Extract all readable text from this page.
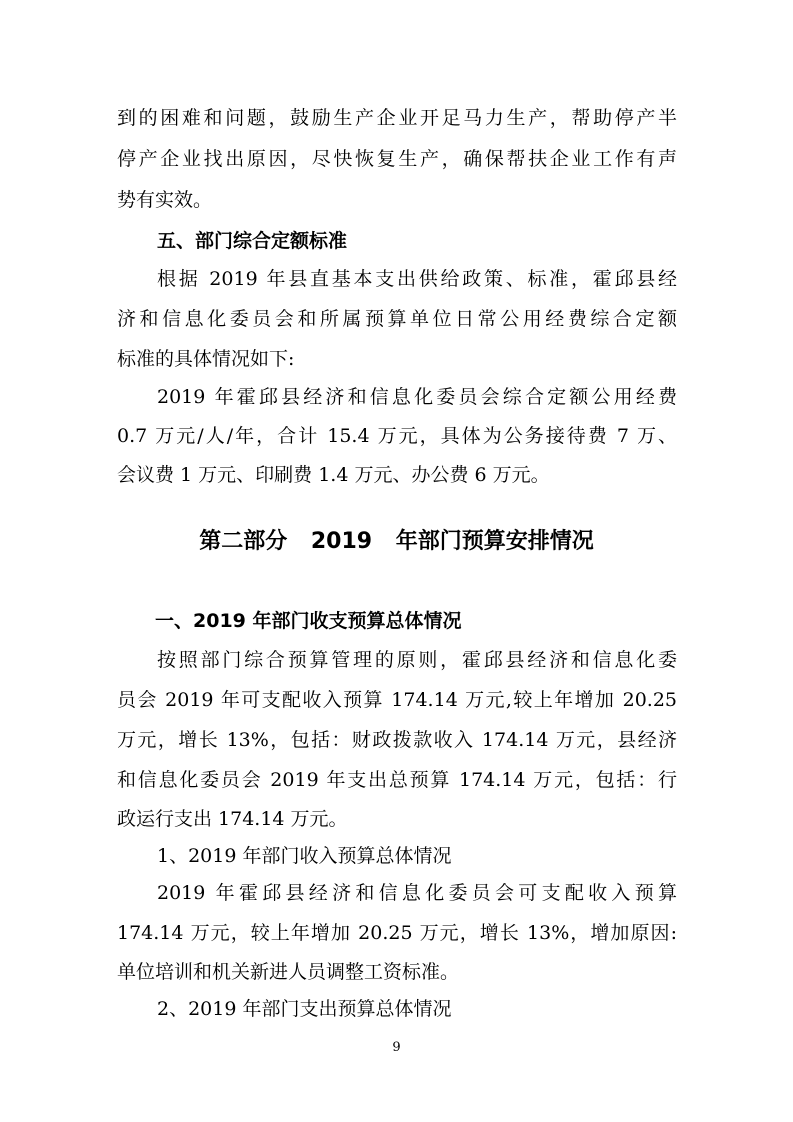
到的困难和问题，鼓励生产企业开足马力生产，帮助停产半
停产企业找出原因，尽快恢复生产，确保帮扶企业工作有声
势有实效。
五、部门综合定额标准
根据 2019 年县直基本支出供给政策、标准，霍邱县经
济和信息化委员会和所属预算单位日常公用经费综合定额
标准的具体情况如下:
2019 年霍邱县经济和信息化委员会综合定额公用经费
0.7 万元/人/年，合计 15.4 万元，具体为公务接待费 7 万、
会议费 1 万元、印刷费 1.4 万元、办公费 6 万元。
第二部分 2019 年部门预算安排情况
一、2019 年部门收支预算总体情况
按照部门综合预算管理的原则，霍邱县经济和信息化委
员会 2019 年可支配收入预算 174.14 万元,较上年增加 20.25
万元，增长 13%，包括：财政拨款收入 174.14 万元，县经济
和信息化委员会 2019 年支出总预算 174.14 万元，包括：行
政运行支出 174.14 万元。
1、2019 年部门收入预算总体情况
2019 年霍邱县经济和信息化委员会可支配收入预算
174.14 万元，较上年增加 20.25 万元，增长 13%，增加原因:
单位培训和机关新进人员调整工资标准。
2、2019 年部门支出预算总体情况
9
